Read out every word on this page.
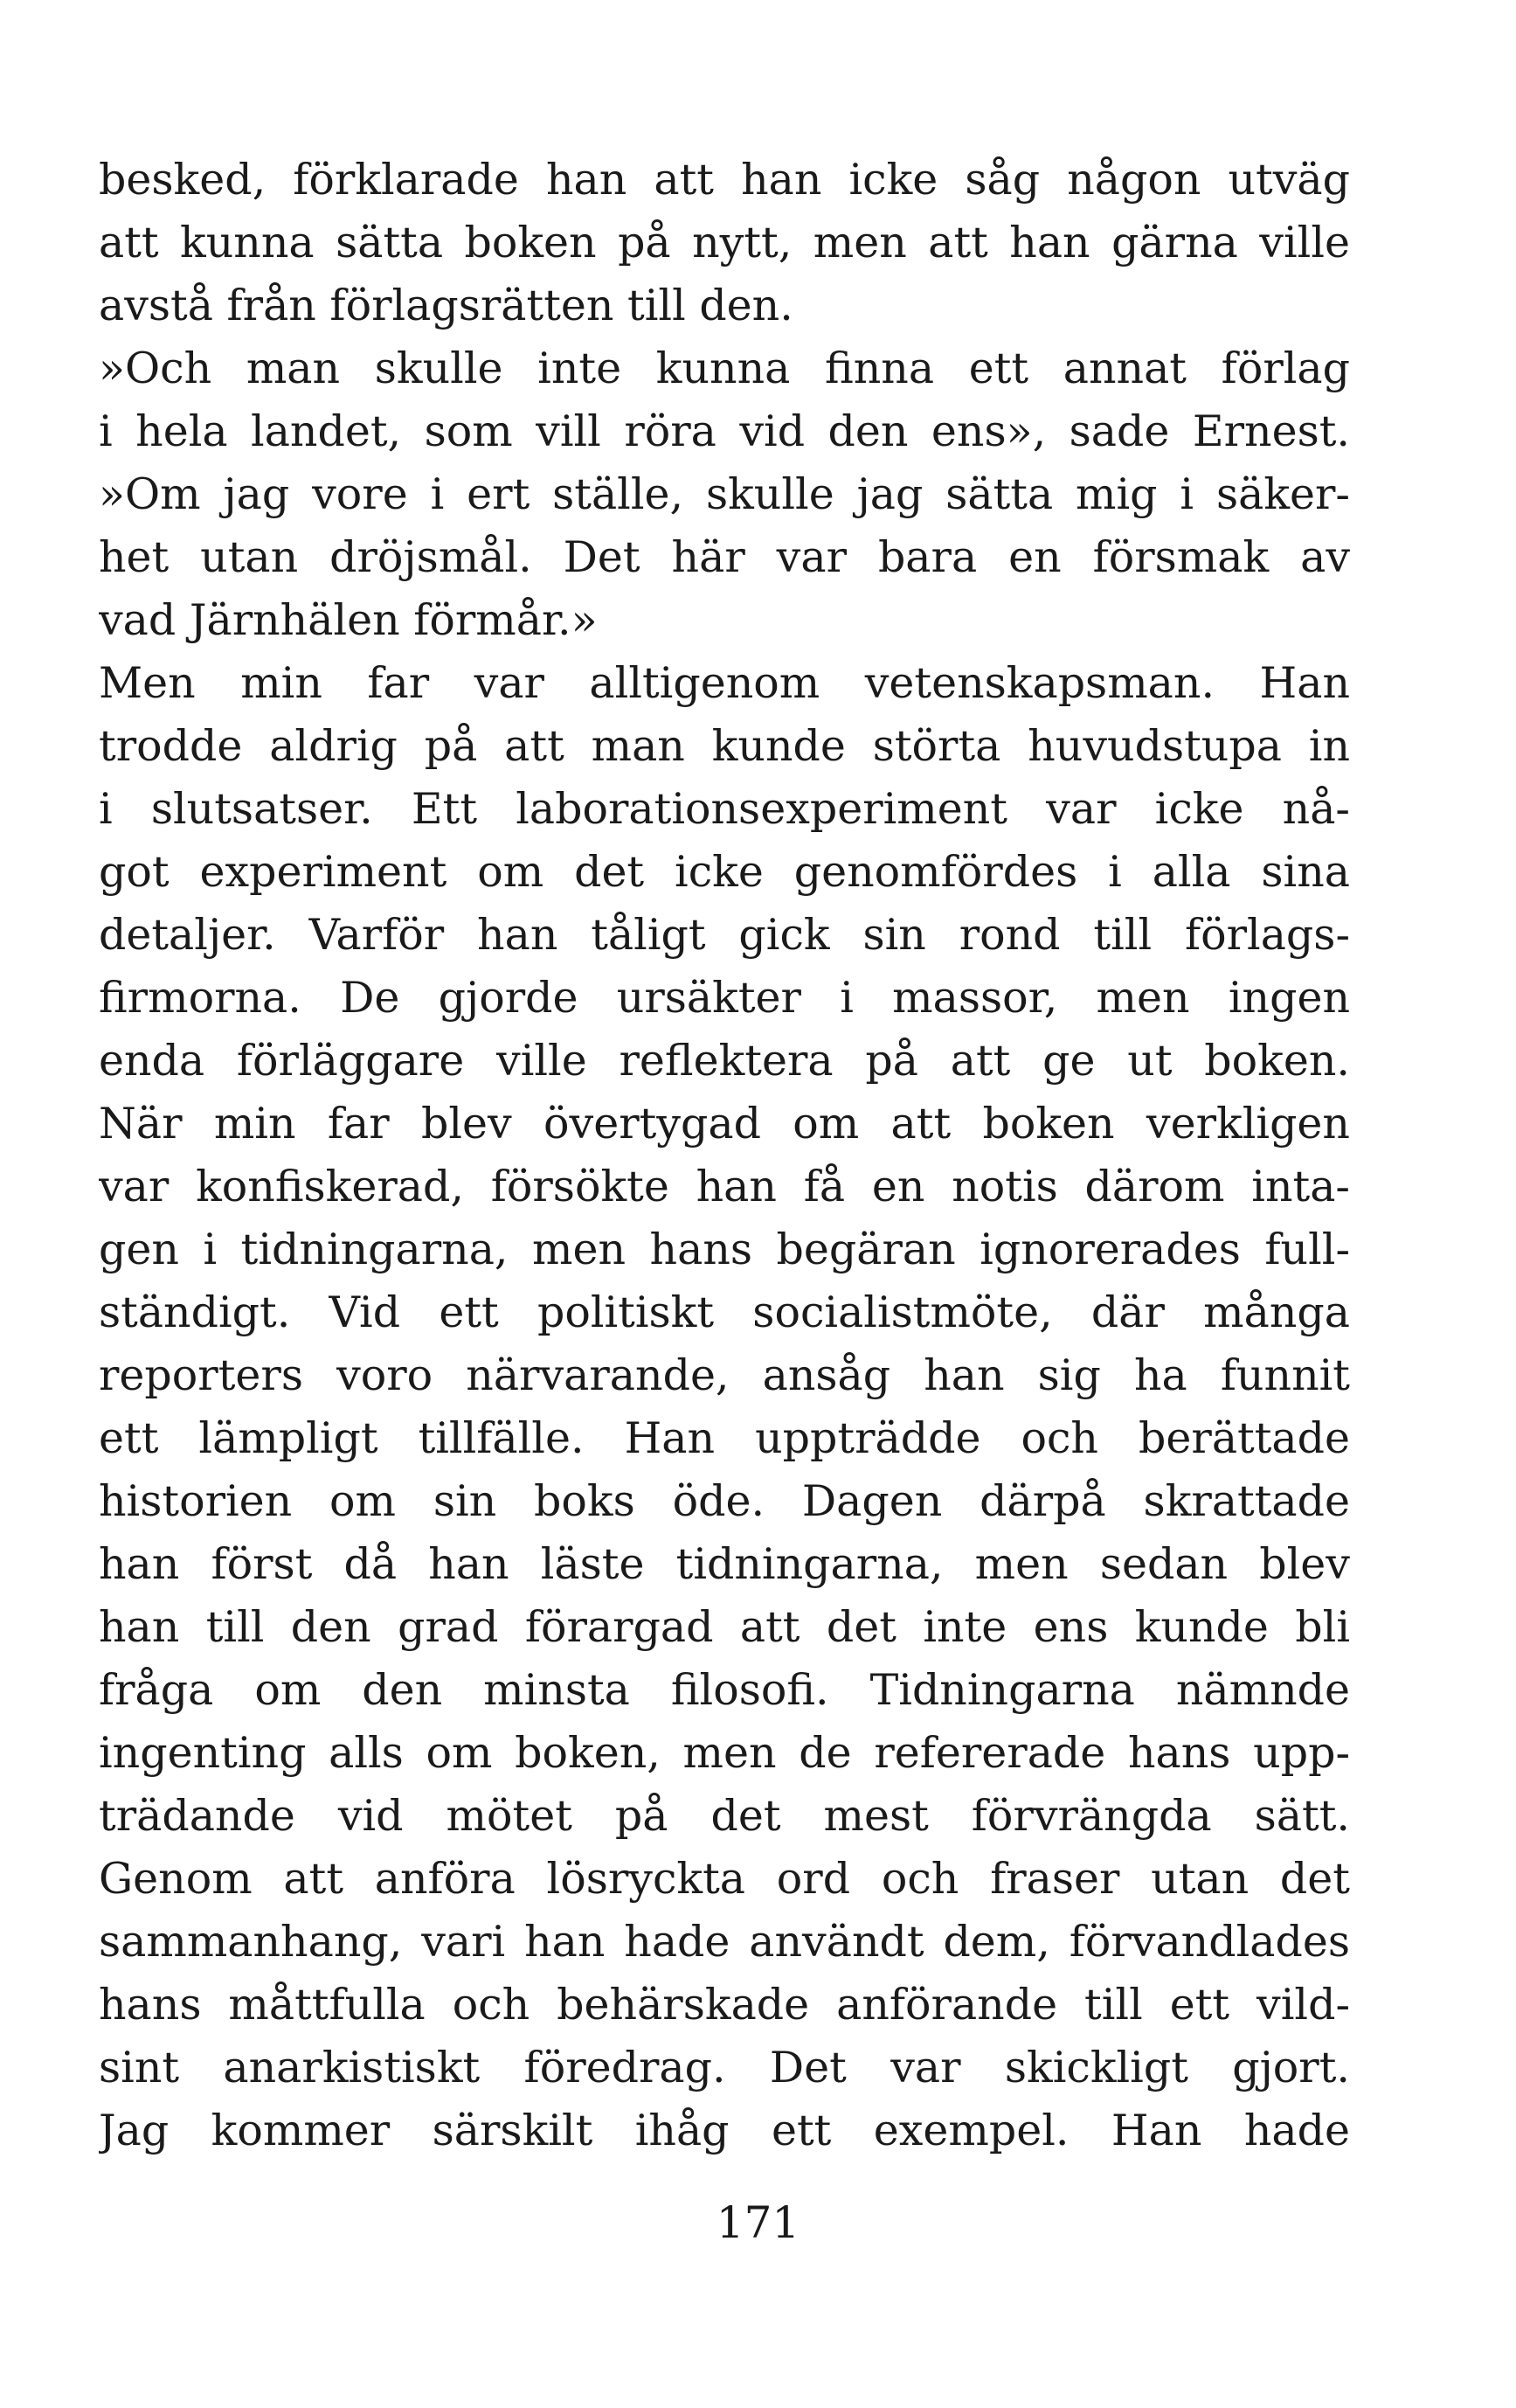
besked, förklarade han att han icke såg någon utväg
att kunna sätta boken på nytt, men att han gärna ville
avstå från förlagsrätten till den.
»Och man skulle inte kunna finna ett annat förlag
i hela landet, som vill röra vid den ens», sade Ernest.
»Om jag vore i ert ställe, skulle jag sätta mig i säker-
het utan dröjsmål. Det här var bara en försmak av
vad Järnhälen förmår.»
Men min far var alltigenom vetenskapsman. Han
trodde aldrig på att man kunde störta huvudstupa in
i slutsatser. Ett laborationsexperiment var icke nå-
got experiment om det icke genomfördes i alla sina
detaljer. Varför han tåligt gick sin rond till förlags-
firmorna. De gjorde ursäkter i massor, men ingen
enda förläggare ville reflektera på att ge ut boken.
När min far blev övertygad om att boken verkligen
var konfiskerad, försökte han få en notis därom inta-
gen i tidningarna, men hans begäran ignorerades full-
ständigt. Vid ett politiskt socialistmöte, där många
reporters voro närvarande, ansåg han sig ha funnit
ett lämpligt tillfälle. Han uppträdde och berättade
historien om sin boks öde. Dagen därpå skrattade
han först då han läste tidningarna, men sedan blev
han till den grad förargad att det inte ens kunde bli
fråga om den minsta filosofi. Tidningarna nämnde
ingenting alls om boken, men de refererade hans upp-
trädande vid mötet på det mest förvrängda sätt.
Genom att anföra lösryckta ord och fraser utan det
sammanhang, vari han hade användt dem, förvandlades
hans måttfulla och behärskade anförande till ett vild-
sint anarkistiskt föredrag. Det var skickligt gjort.
Jag kommer särskilt ihåg ett exempel. Han hade
171
